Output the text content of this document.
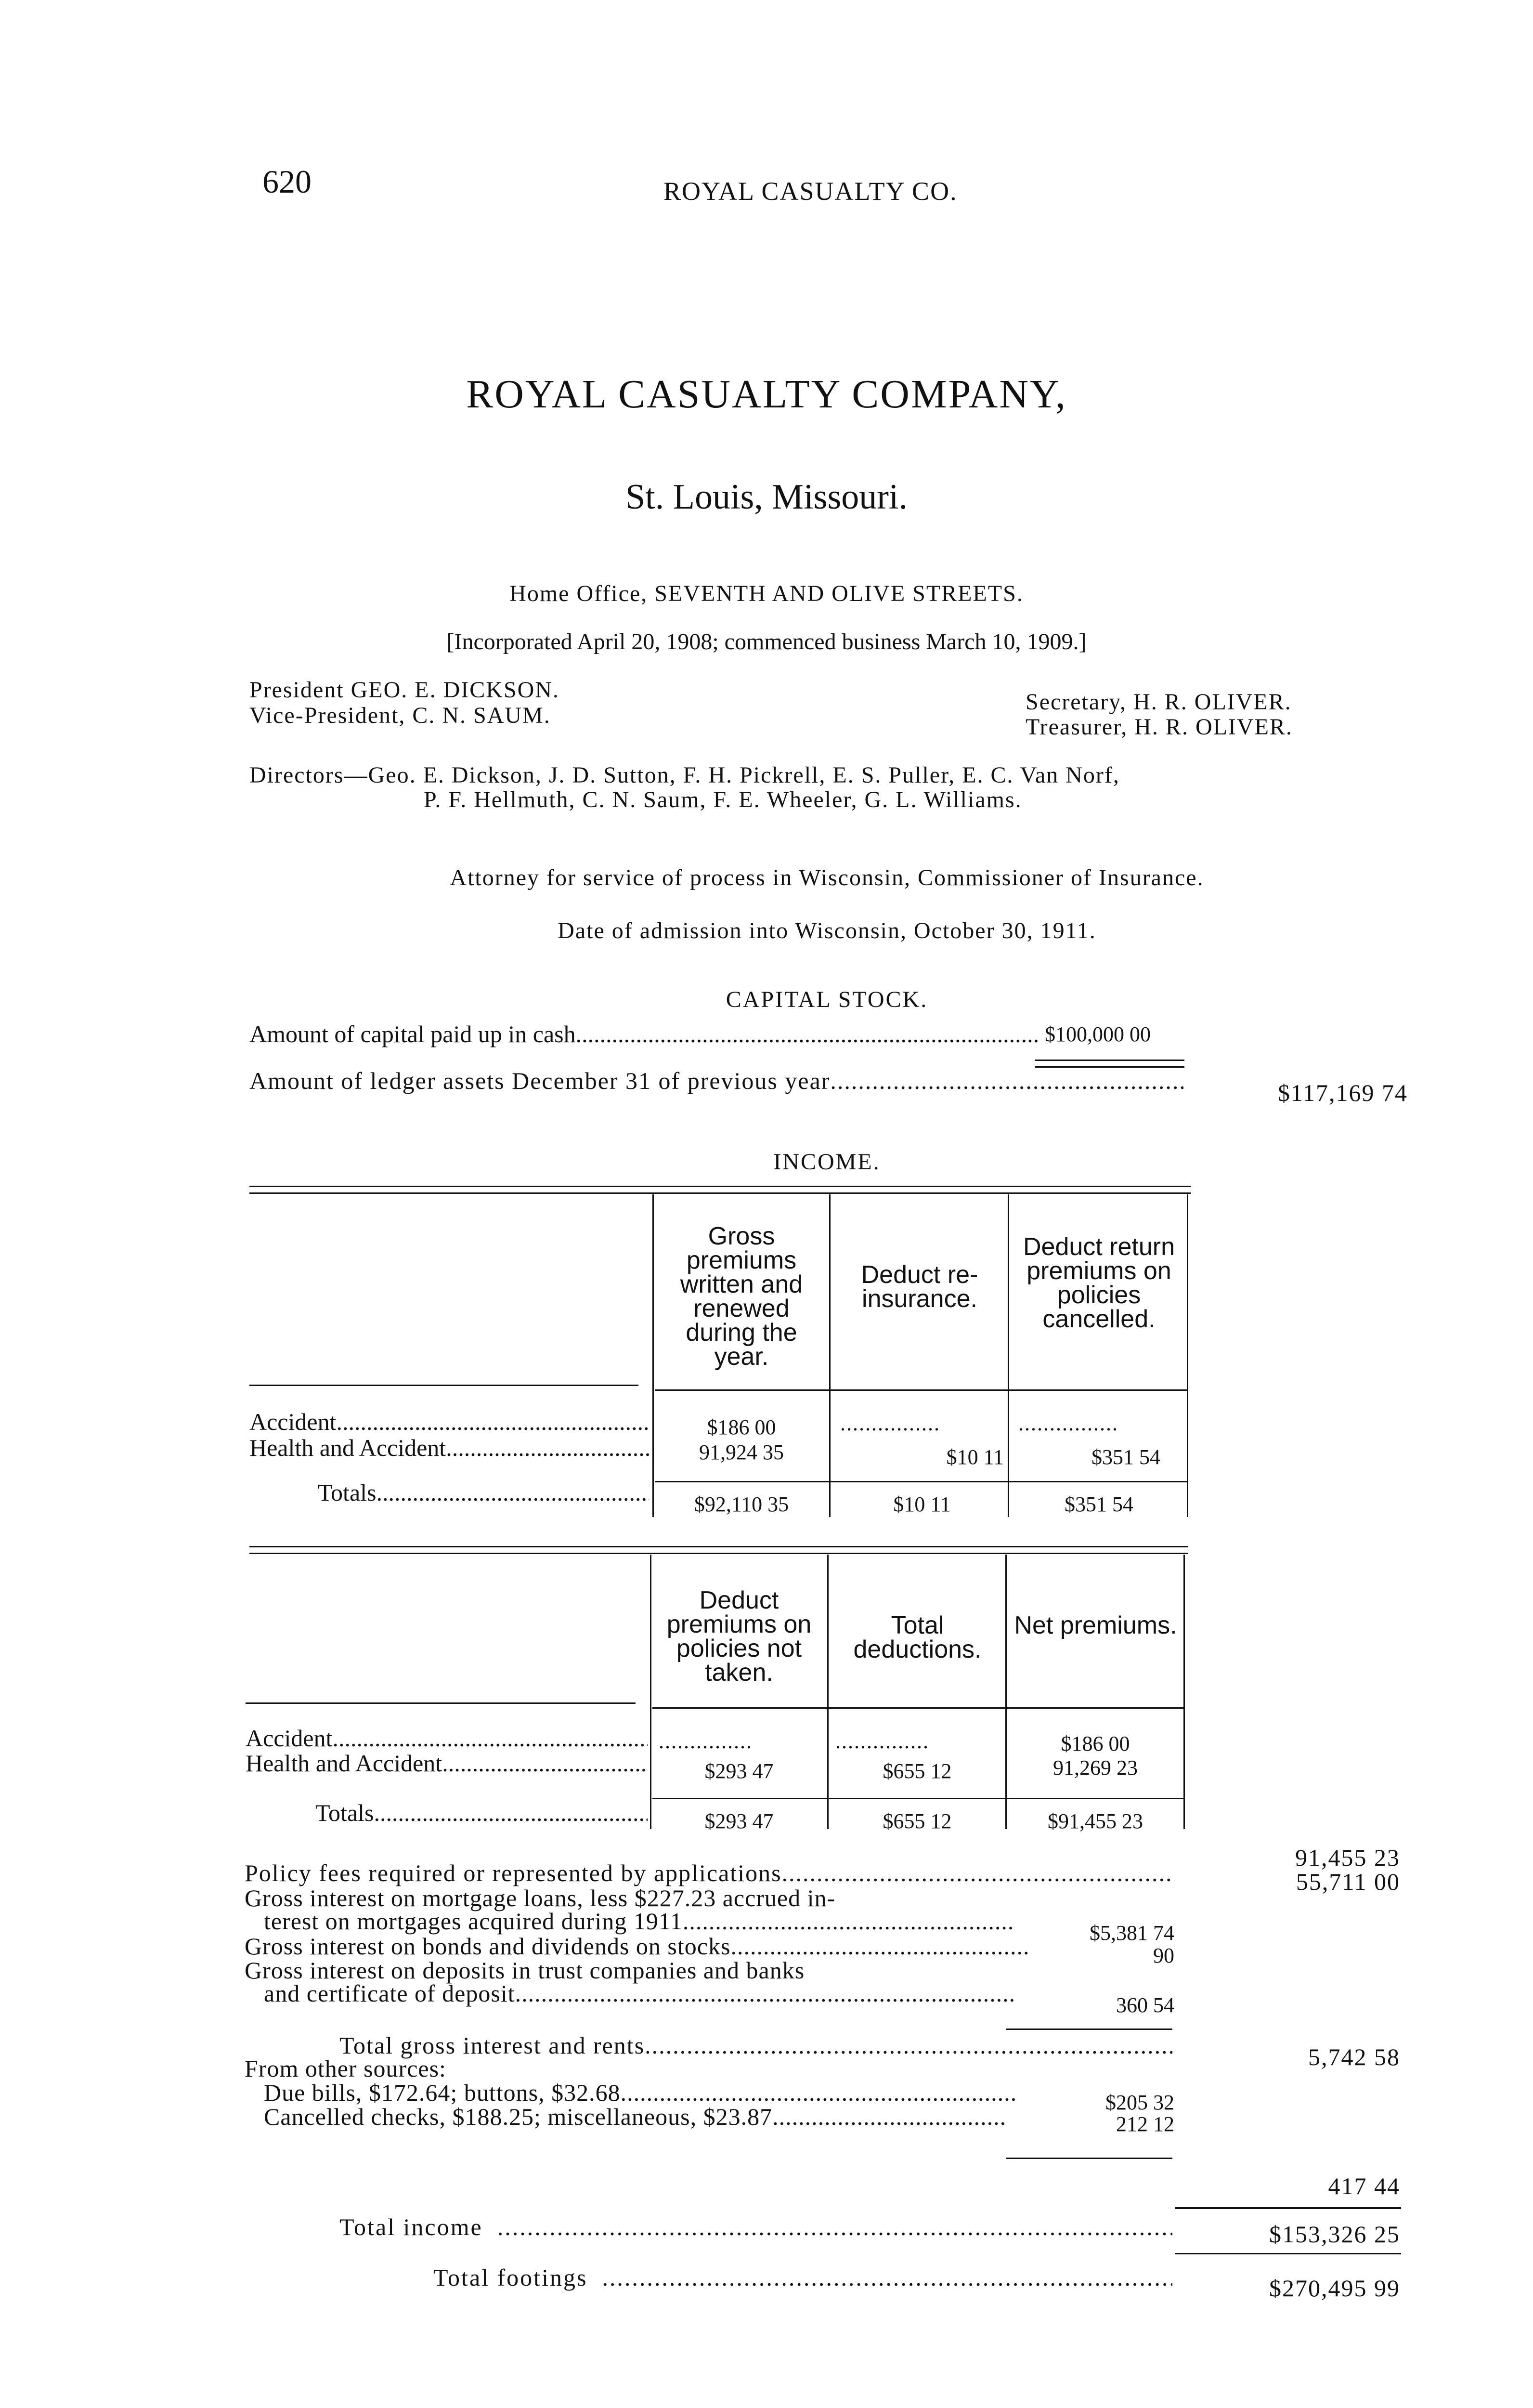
620	ROYAL CASUALTY CO.
ROYAL CASUALTY COMPANY,
St. Louis, Missouri.
Home Office, SEVENTH AND OLIVE STREETS.
[Incorporated April 20, 1908; commenced business March 10, 1909.]
President GEO. E. DICKSON.
Vice-President, C. N. SAUM.
Secretary, H. R. OLIVER.
Treasurer, H. R. OLIVER.
Directors—Geo. E. Dickson, J. D. Sutton, F. H. Pickrell, E. S. Puller, E. C. Van Norf,
P. F. Hellmuth, C. N. Saum, F. E. Wheeler, G. L. Williams.
Attorney for service of process in Wisconsin, Commissioner of Insurance.
Date of admission into Wisconsin, October 30, 1911.
CAPITAL STOCK.
Amount of capital paid up in cash .....	$100,000 00
Amount of ledger assets December 31 of previous year .....	$117,169 74
INCOME.
Gross premiums written and renewed during the year.
Deduct re-insurance.
Deduct return premiums on policies cancelled.
Accident .....	$186 00	................	................
Health and Accident .....	91,924 35	$10 11	$351 54
Totals .....	$92,110 35	$10 11	$351 54
Deduct premiums on policies not taken.
Total deductions.
Net premiums.
Accident .....	...............	...............	$186 00
Health and Accident .....	$293 47	$655 12	91,269 23
Totals .....	$293 47	$655 12	$91,455 23
91,455 23
Policy fees required or represented by applications .....	55,711 00
Gross interest on mortgage loans, less $227.23 accrued in-
terest on mortgages acquired during 1911 .....	$5,381 74
Gross interest on bonds and dividends on stocks .....	90
Gross interest on deposits in trust companies and banks
and certificate of deposit .....	360 54
Total gross interest and rents .....	5,742 58
From other sources:
Due bills, $172.64; buttons, $32.68 .....	$205 32
Cancelled checks, $188.25; miscellaneous, $23.87 .....	212 12
417 44
Total income .....	$153,326 25
Total footings .....	$270,495 99
